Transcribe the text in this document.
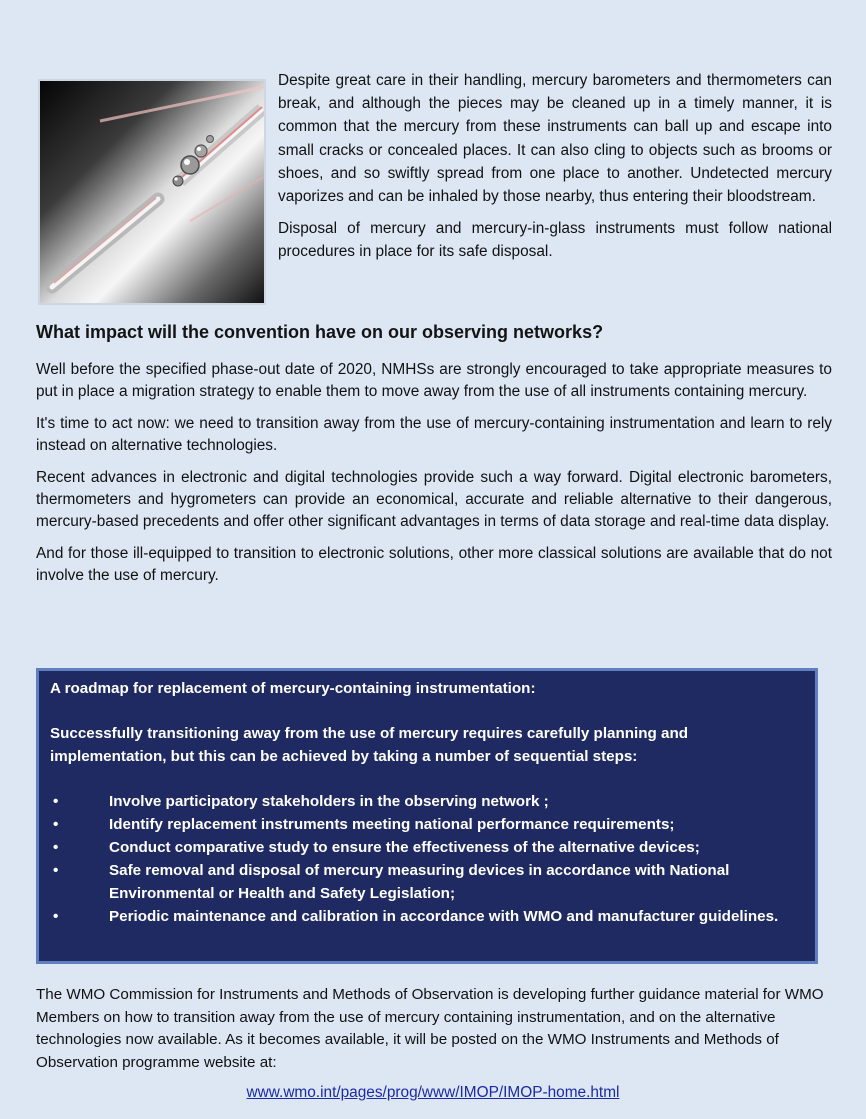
Despite great care in their handling, mercury barometers and thermometers can break, and although the pieces may be cleaned up in a timely manner, it is common that the mercury from these instruments can ball up and escape into small cracks or concealed places. It can also cling to objects such as brooms or shoes, and so swiftly spread from one place to another. Undetected mercury vaporizes and can be inhaled by those nearby, thus entering their bloodstream.

Disposal of mercury and mercury-in-glass instruments must follow national procedures in place for its safe disposal.

What impact will the convention have on our observing networks?

Well before the specified phase-out date of 2020, NMHSs are strongly encouraged to take appropriate measures to put in place a migration strategy to enable them to move away from the use of all instruments containing mercury.

It's time to act now: we need to transition away from the use of mercury-containing instrumentation and learn to rely instead on alternative technologies.

Recent advances in electronic and digital technologies provide such a way forward. Digital electronic barometers, thermometers and hygrometers can provide an economical, accurate and reliable alternative to their dangerous, mercury-based precedents and offer other significant advantages in terms of data storage and real-time data display.

And for those ill-equipped to transition to electronic solutions, other more classical solutions are available that do not involve the use of mercury.

A roadmap for replacement of mercury-containing instrumentation:
Successfully transitioning away from the use of mercury requires carefully planning and implementation, but this can be achieved by taking a number of sequential steps:
•	Involve participatory stakeholders in the observing network ;
•	Identify replacement instruments meeting national performance requirements;
•	Conduct comparative study to ensure the effectiveness of the alternative devices;
•	Safe removal and disposal of mercury measuring devices in accordance with National Environmental or Health and Safety Legislation;
•	Periodic maintenance and calibration in accordance with WMO and manufacturer guidelines.

The WMO Commission for Instruments and Methods of Observation is developing further guidance material for WMO Members on how to transition away from the use of mercury containing instrumentation, and on the alternative technologies now available. As it becomes available, it will be posted on the WMO Instruments and Methods of Observation programme website at:

www.wmo.int/pages/prog/www/IMOP/IMOP-home.html
